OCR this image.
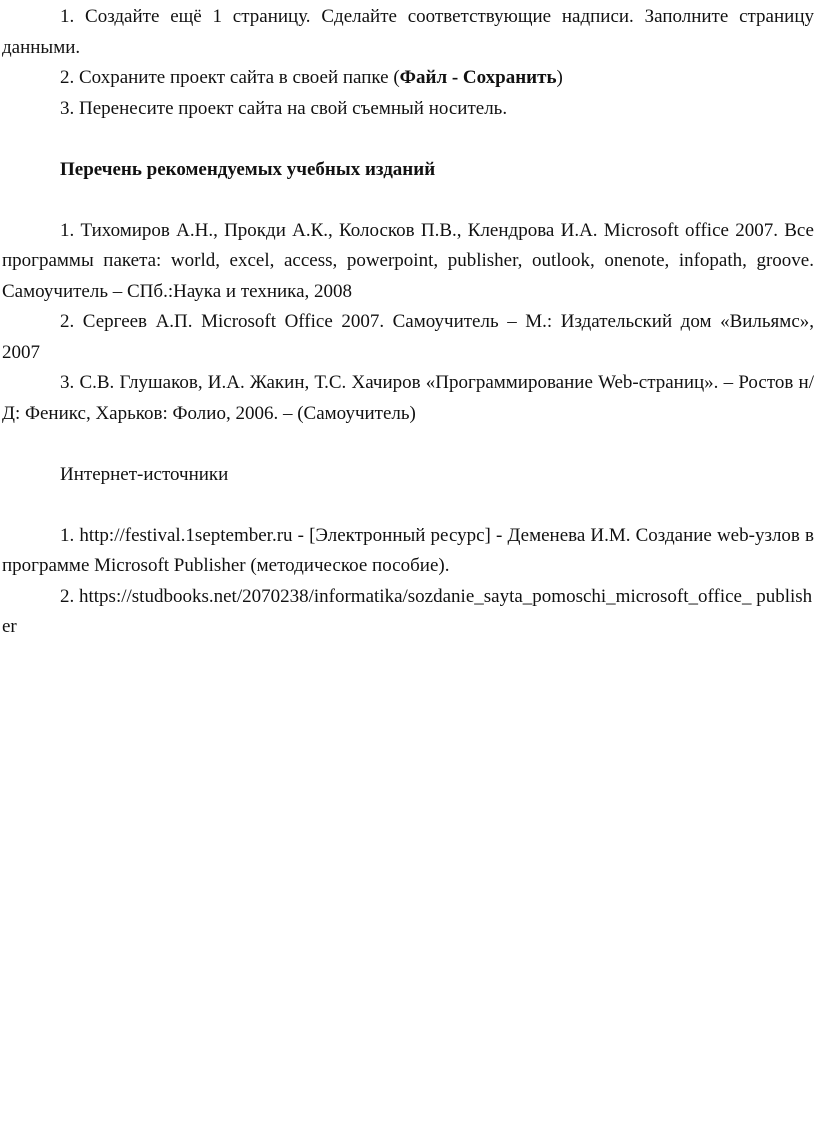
1. Создайте ещё 1 страницу. Сделайте соответствующие надписи. Заполните страницу данными.

2. Сохраните проект сайта в своей папке (Файл - Сохранить)

3. Перенесите проект сайта на свой съемный носитель.

Перечень рекомендуемых учебных изданий

1. Тихомиров А.Н., Прокди А.К., Колосков П.В., Клендрова И.А. Microsoft office 2007. Все программы пакета: world, excel, access, powerpoint, publisher, outlook, onenote, infopath, groove. Самоучитель – СПб.:Наука и техника, 2008

2. Сергеев А.П. Microsoft Office 2007. Самоучитель – М.: Издательский дом «Вильямс», 2007

3. С.В. Глушаков, И.А. Жакин, Т.С. Хачиров «Программирование Web-страниц». – Ростов н/Д: Феникс, Харьков: Фолио, 2006. – (Самоучитель)

Интернет-источники

1. http://festival.1september.ru - [Электронный ресурс] - Деменева И.М. Создание web-узлов в программе Microsoft Publisher (методическое пособие).

2. https://studbooks.net/2070238/informatika/sozdanie_sayta_pomoschi_microsoft_office_ publisher
